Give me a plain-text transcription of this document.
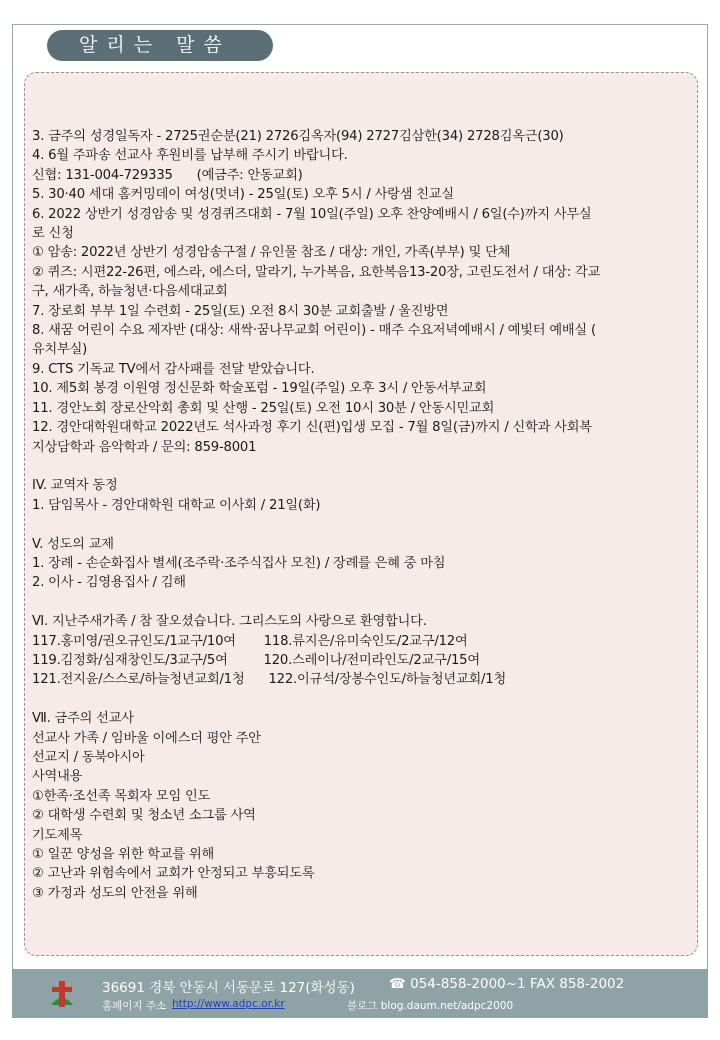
알리는 말씀
3. 금주의 성경일독자 - 2725권순분(21) 2726김옥자(94) 2727김삼한(34) 2728김옥근(30)
4. 6월 주파송 선교사 후원비를 납부해 주시기 바랍니다.
신협: 131-004-729335      (예금주: 안동교회)
5. 30·40 세대 홈커밍데이 여성(멋녀) - 25일(토) 오후 5시 / 사랑샘 친교실
6. 2022 상반기 성경암송 및 성경퀴즈대회 - 7월 10일(주일) 오후 찬양예배시 / 6일(수)까지 사무실
로 신청
① 암송: 2022년 상반기 성경암송구절 / 유인물 참조 / 대상: 개인, 가족(부부) 및 단체
② 퀴즈: 시편22-26편, 에스라, 에스더, 말라기, 누가복음, 요한복음13-20장, 고린도전서 / 대상: 각교
구, 새가족, 하늘청년·다음세대교회
7. 장로회 부부 1일 수련회 - 25일(토) 오전 8시 30분 교회출발 / 울진방면
8. 새꿈 어린이 수요 제자반 (대상: 새싹·꿈나무교회 어린이) - 매주 수요저녁예배시 / 예빛터 예배실 (
유치부실)
9. CTS 기독교 TV에서 감사패를 전달 받았습니다.
10. 제5회 봉경 이원영 정신문화 학술포럼 - 19일(주일) 오후 3시 / 안동서부교회
11. 경안노회 장로산악회 총회 및 산행 - 25일(토) 오전 10시 30분 / 안동시민교회
12. 경안대학원대학교 2022년도 석사과정 후기 신(편)입생 모집 - 7월 8일(금)까지 / 신학과 사회복
지상담학과 음악학과 / 문의: 859-8001
IV. 교역자 동정
1. 담임목사 - 경안대학원 대학교 이사회 / 21일(화)
V. 성도의 교제
1. 장례 - 손순화집사 별세(조주락·조주식집사 모친) / 장례를 은혜 중 마침
2. 이사 - 김영용집사 / 김해
Ⅵ. 지난주새가족 / 참 잘오셨습니다. 그리스도의 사랑으로 환영합니다.
117.홍미영/권오규인도/1교구/10여       118.류지은/유미숙인도/2교구/12여
119.김정화/심재창인도/3교구/5여         120.스레이나/전미라인도/2교구/15여
121.전지윤/스스로/하늘청년교회/1청      122.이규석/장봉수인도/하늘청년교회/1청
Ⅶ. 금주의 선교사
선교사 가족 / 임바울 이에스더 평안 주안
선교지 / 동북아시아
사역내용
①한족·조선족 목회자 모임 인도
② 대학생 수련회 및 청소년 소그룹 사역
기도제목
① 일꾼 양성을 위한 학교를 위해
② 고난과 위험속에서 교회가 안정되고 부흥되도록
③ 가정과 성도의 안전을 위해
36691 경북 안동시 서동문로 127(화성동)	☎ 054-858-2000~1 FAX 858-2002
홈페이지 주소 http://www.adpc.or.kr	블로그 blog.daum.net/adpc2000
